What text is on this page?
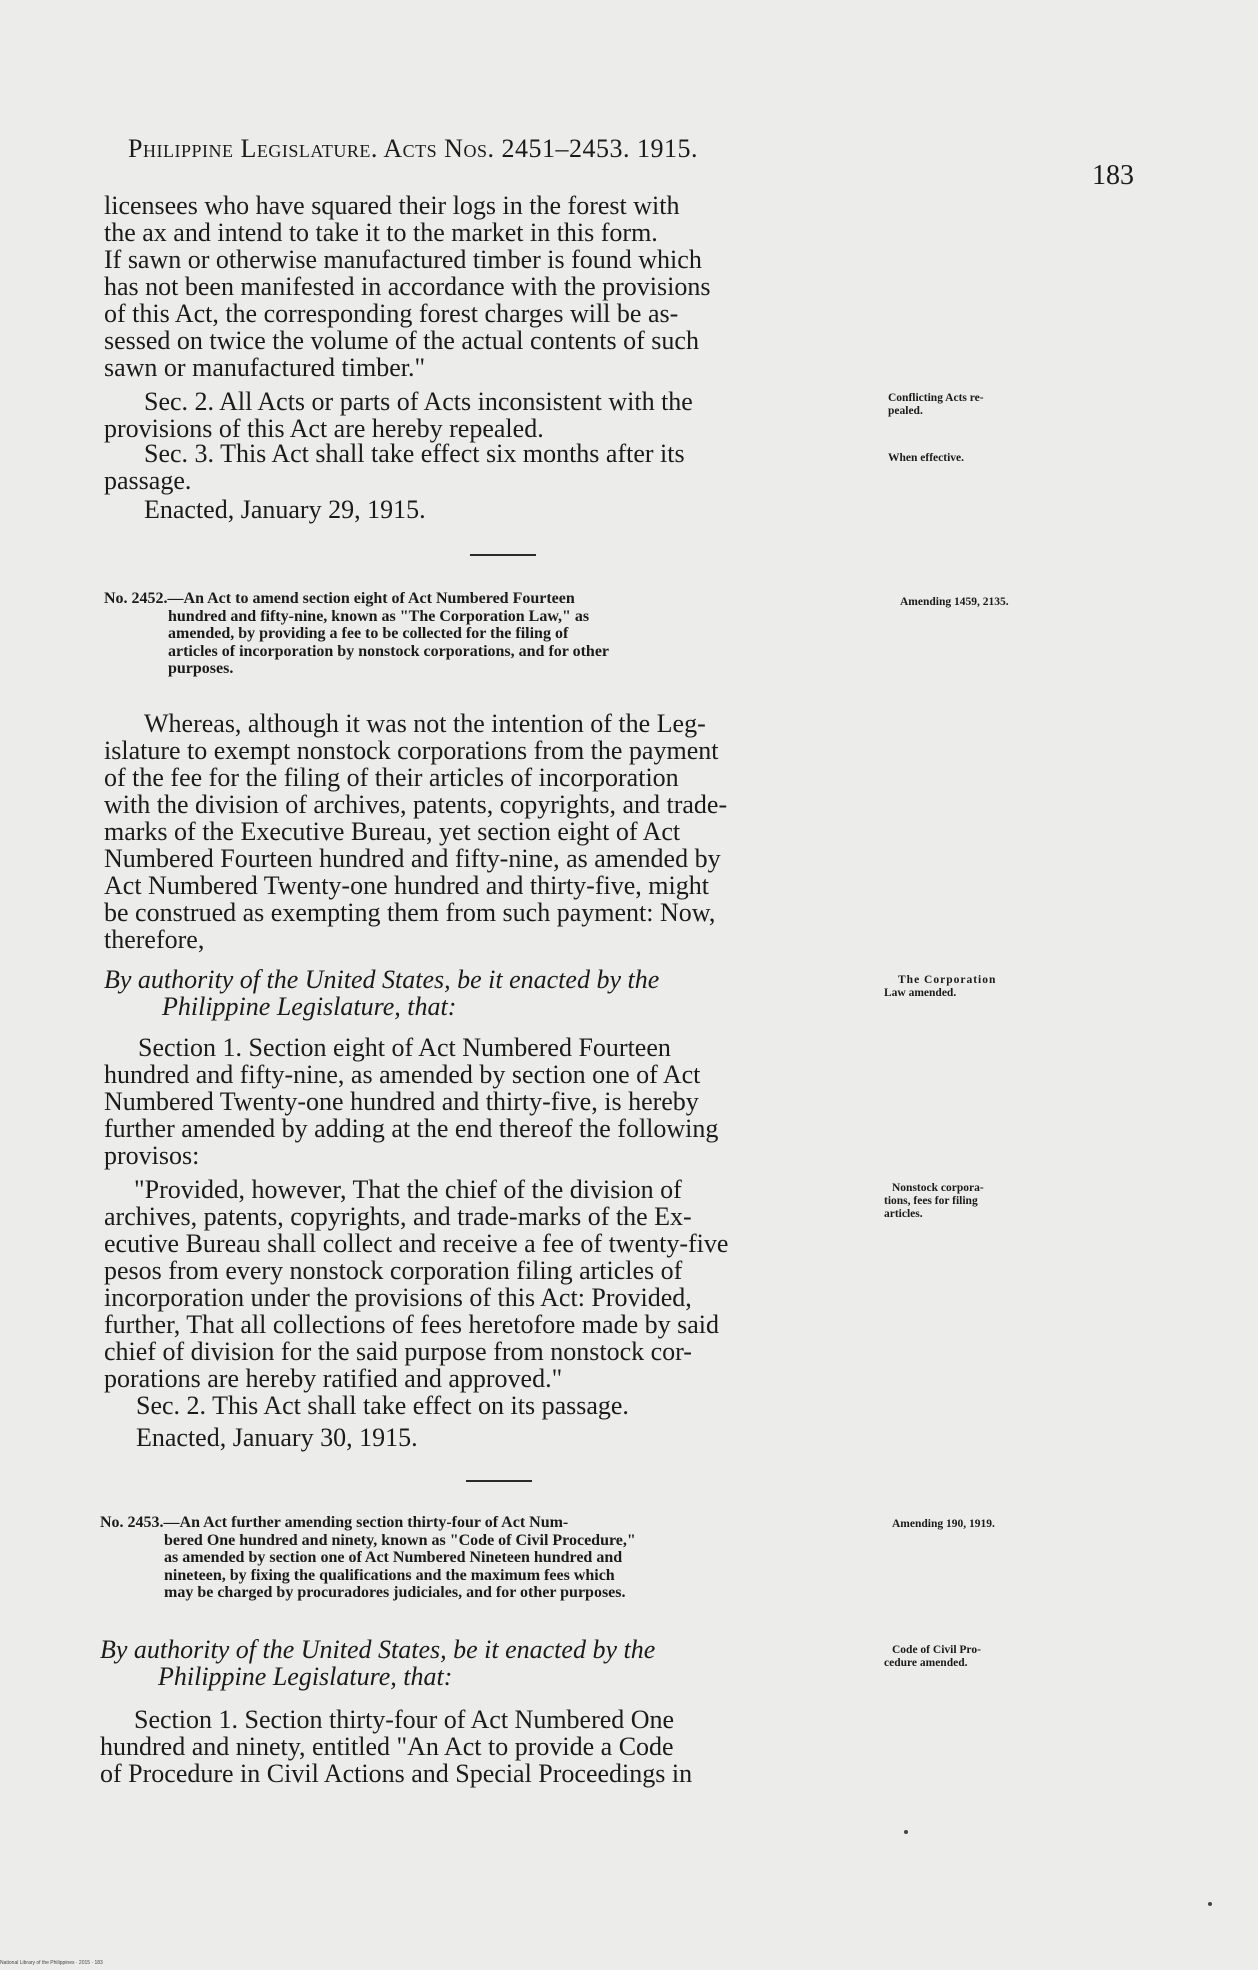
Philippine Legislature. Acts Nos. 2451–2453. 1915.
183
licensees who have squared their logs in the forest with
the ax and intend to take it to the market in this form.
If sawn or otherwise manufactured timber is found which
has not been manifested in accordance with the provisions
of this Act, the corresponding forest charges will be as-
sessed on twice the volume of the actual contents of such
sawn or manufactured timber."
Sec. 2. All Acts or parts of Acts inconsistent with the
provisions of this Act are hereby repealed.
Conflicting Acts re-
pealed.
Sec. 3. This Act shall take effect six months after its
passage.
When effective.
Enacted, January 29, 1915.
No. 2452.—An Act to amend section eight of Act Numbered Fourteen
hundred and fifty-nine, known as "The Corporation Law," as
amended, by providing a fee to be collected for the filing of
articles of incorporation by nonstock corporations, and for other
purposes.
Amending 1459, 2135.
Whereas, although it was not the intention of the Leg-
islature to exempt nonstock corporations from the payment
of the fee for the filing of their articles of incorporation
with the division of archives, patents, copyrights, and trade-
marks of the Executive Bureau, yet section eight of Act
Numbered Fourteen hundred and fifty-nine, as amended by
Act Numbered Twenty-one hundred and thirty-five, might
be construed as exempting them from such payment: Now,
therefore,
By authority of the United States, be it enacted by the
Philippine Legislature, that:
The Corporation
Law amended.
Section 1. Section eight of Act Numbered Fourteen
hundred and fifty-nine, as amended by section one of Act
Numbered Twenty-one hundred and thirty-five, is hereby
further amended by adding at the end thereof the following
provisos:
"Provided, however, That the chief of the division of
archives, patents, copyrights, and trade-marks of the Ex-
ecutive Bureau shall collect and receive a fee of twenty-five
pesos from every nonstock corporation filing articles of
incorporation under the provisions of this Act: Provided,
further, That all collections of fees heretofore made by said
chief of division for the said purpose from nonstock cor-
porations are hereby ratified and approved."
Nonstock corpora-
tions, fees for filing
articles.
Sec. 2. This Act shall take effect on its passage.
Enacted, January 30, 1915.
No. 2453.—An Act further amending section thirty-four of Act Num-
bered One hundred and ninety, known as "Code of Civil Procedure,"
as amended by section one of Act Numbered Nineteen hundred and
nineteen, by fixing the qualifications and the maximum fees which
may be charged by procuradores judiciales, and for other purposes.
Amending 190, 1919.
By authority of the United States, be it enacted by the
Philippine Legislature, that:
Code of Civil Pro-
cedure amended.
Section 1. Section thirty-four of Act Numbered One
hundred and ninety, entitled "An Act to provide a Code
of Procedure in Civil Actions and Special Proceedings in
National Library of the Philippines · 2015 · 183
